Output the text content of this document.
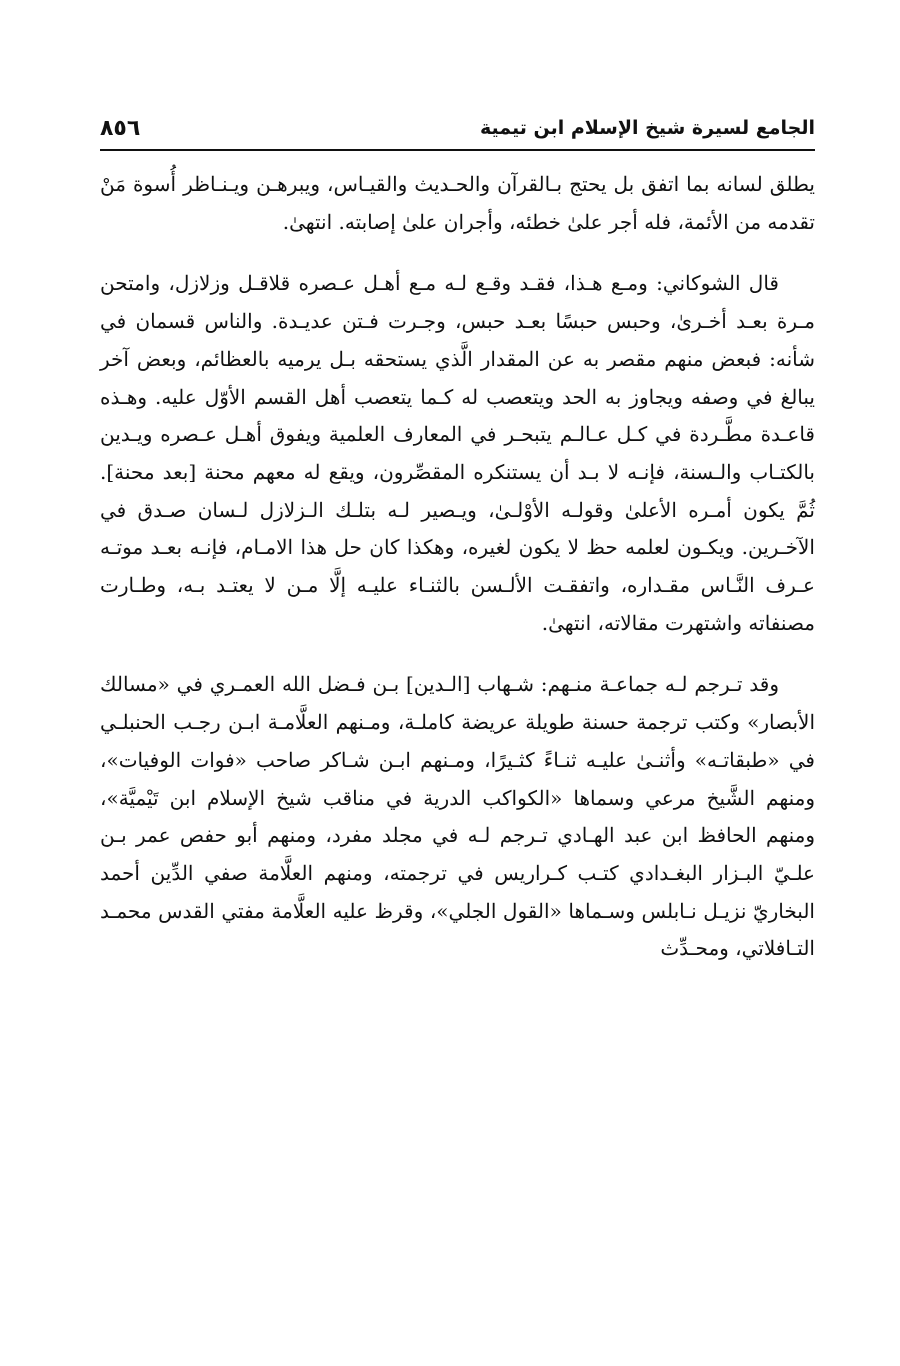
الجامع لسيرة شيخ الإسلام ابن تيمية
٨٥٦

يطلق لسانه بما اتفق بل يحتج بـالقرآن والحـديث والقيـاس، ويبرهـن ويـنـاظر أُسوة مَنْ تقدمه من الأئمة، فله أجر علىٰ خطئه، وأجران علىٰ إصابته. انتهىٰ.

قال الشوكاني: ومـع هـذا، فقـد وقـع لـه مـع أهـل عـصره قلاقـل وزلازل، وامتحن مـرة بعـد أخـرىٰ، وحبس حبسًا بعـد حبس، وجـرت فـتن عديـدة. والناس قسمان في شأنه: فبعض منهم مقصر به عن المقدار الَّذي يستحقه بـل يرميه بالعظائم، وبعض آخر يبالغ في وصفه ويجاوز به الحد ويتعصب له كـما يتعصب أهل القسم الأوّل عليه. وهـذه قاعـدة مطَّـردة في كـل عـالـم يتبحـر في المعارف العلمية ويفوق أهـل عـصره ويـدين بالكتـاب والـسنة، فإنـه لا بـد أن يستنكره المقصِّرون، ويقع له معهم محنة [بعد محنة]. ثُمَّ يكون أمـره الأعلىٰ وقولـه الأوْلـىٰ، ويـصير لـه بتلـك الـزلازل لـسان صـدق في الآخـرين. ويكـون لعلمه حظ لا يكون لغيره، وهكذا كان حل هذا الامـام، فإنـه بعـد موتـه عـرف النَّـاس مقـداره، واتفقـت الألـسن بالثنـاء عليـه إلَّا مـن لا يعتـد بـه، وطـارت مصنفاته واشتهرت مقالاته، انتهىٰ.

وقد تـرجم لـه جماعـة منـهم: شـهاب [الـدين] بـن فـضل الله العمـري في «مسالك الأبصار» وكتب ترجمة حسنة طويلة عريضة كاملـة، ومـنهم العلَّامـة ابـن رجـب الحنبلـي في «طبقاتـه» وأثنـىٰ عليـه ثنـاءً كثـيرًا، ومـنهم ابـن شـاكر صاحب «فوات الوفيات»، ومنهم الشَّيخ مرعي وسماها «الكواكب الدرية في مناقب شيخ الإسلام ابن تَيْميَّة»، ومنهم الحافظ ابن عبد الهـادي تـرجم لـه في مجلد مفرد، ومنهم أبو حفص عمر بـن علـيّ البـزار البغـدادي كتـب كـراريس في ترجمته، ومنهم العلَّامة صفي الدِّين أحمد البخاريّ نزيـل نـابلس وسـماها «القول الجلي»، وقرظ عليه العلَّامة مفتي القدس محمـد التـافلاتي، ومحـدِّث
